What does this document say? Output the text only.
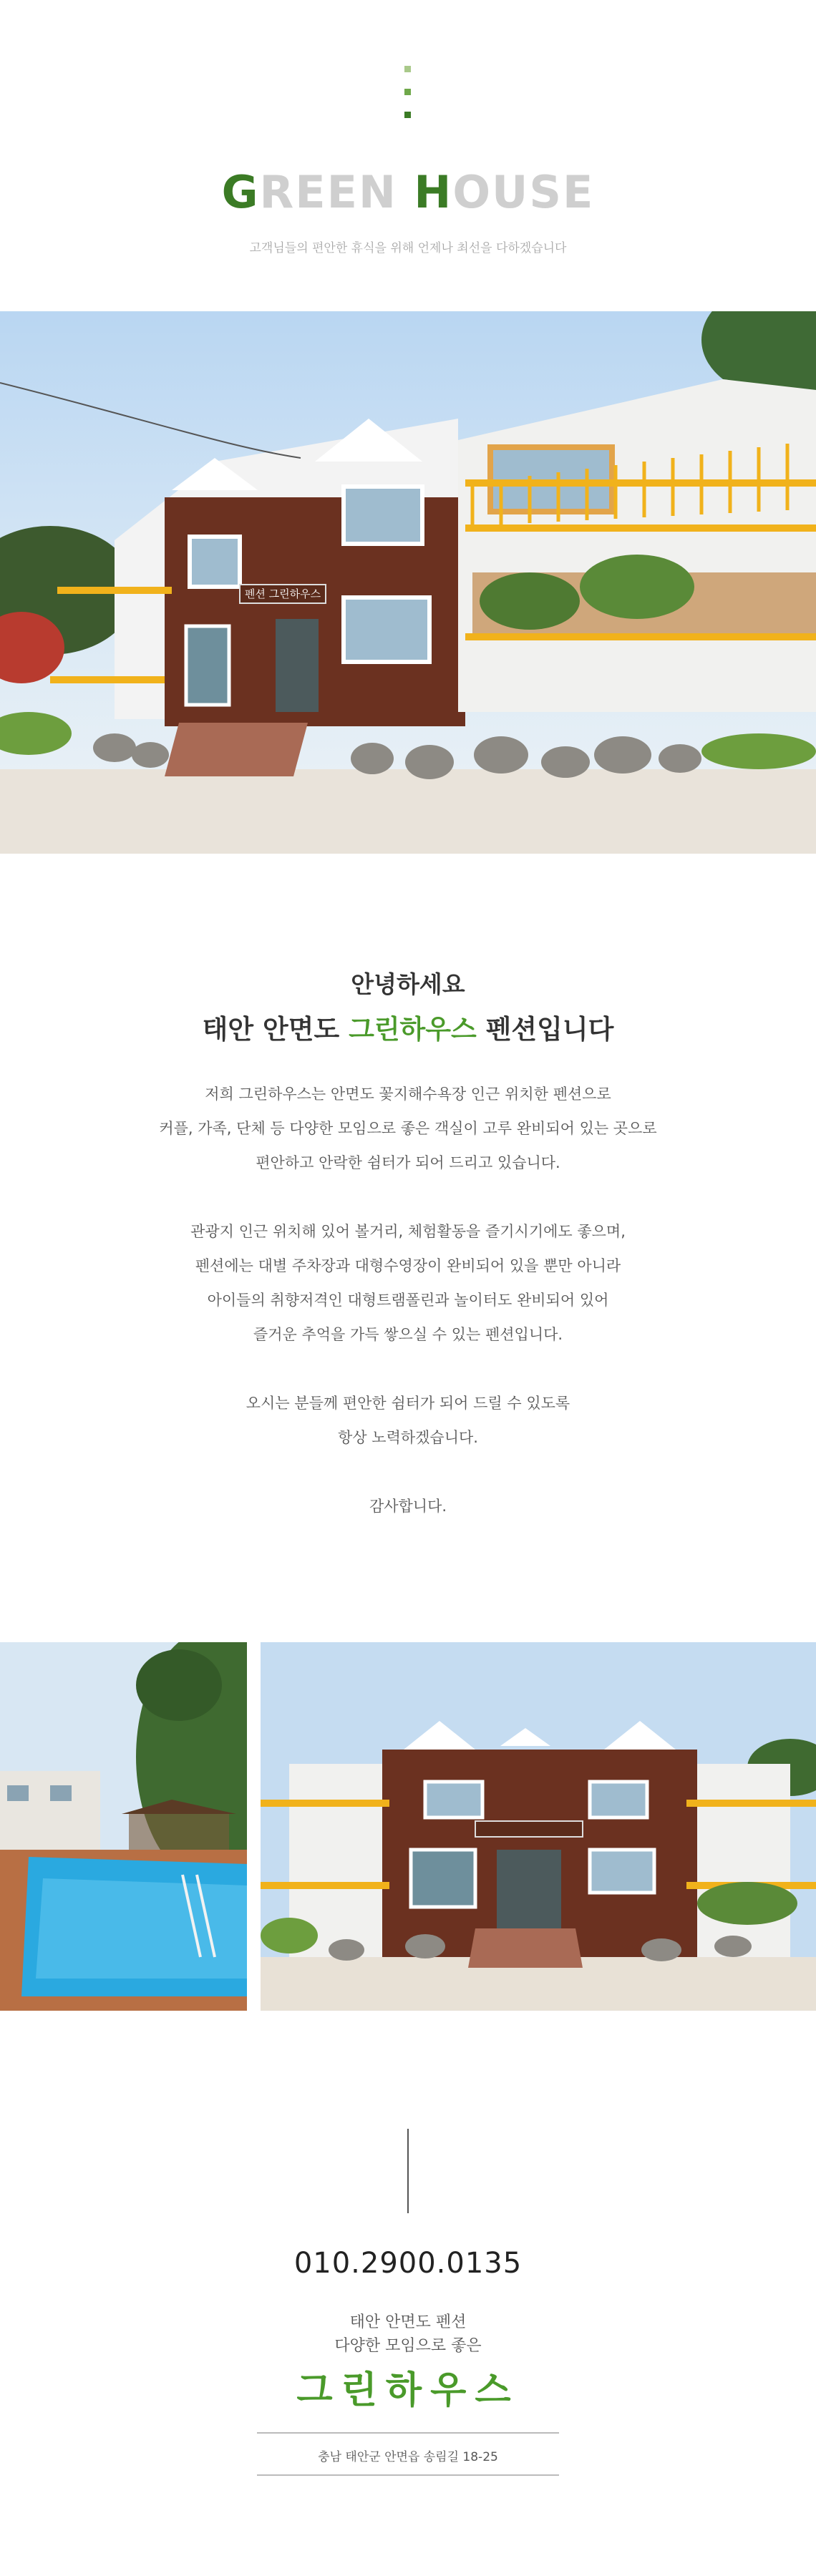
GREEN HOUSE
고객님들의 편안한 휴식을 위해 언제나 최선을 다하겠습니다
펜션 그린하우스
안녕하세요
태안 안면도 그린하우스 펜션입니다
저희 그린하우스는 안면도 꽃지해수욕장 인근 위치한 펜션으로
커플, 가족, 단체 등 다양한 모임으로 좋은 객실이 고루 완비되어 있는 곳으로
편안하고 안락한 쉼터가 되어 드리고 있습니다.
관광지 인근 위치해 있어 볼거리, 체험활동을 즐기시기에도 좋으며,
펜션에는 대별 주차장과 대형수영장이 완비되어 있을 뿐만 아니라
아이들의 취향저격인 대형트램폴린과 놀이터도 완비되어 있어
즐거운 추억을 가득 쌓으실 수 있는 펜션입니다.
오시는 분들께 편안한 쉼터가 되어 드릴 수 있도록
항상 노력하겠습니다.
감사합니다.
010.2900.0135
태안 안면도 펜션
다양한 모임으로 좋은
그린하우스
충남 태안군 안면읍 송림길 18-25
